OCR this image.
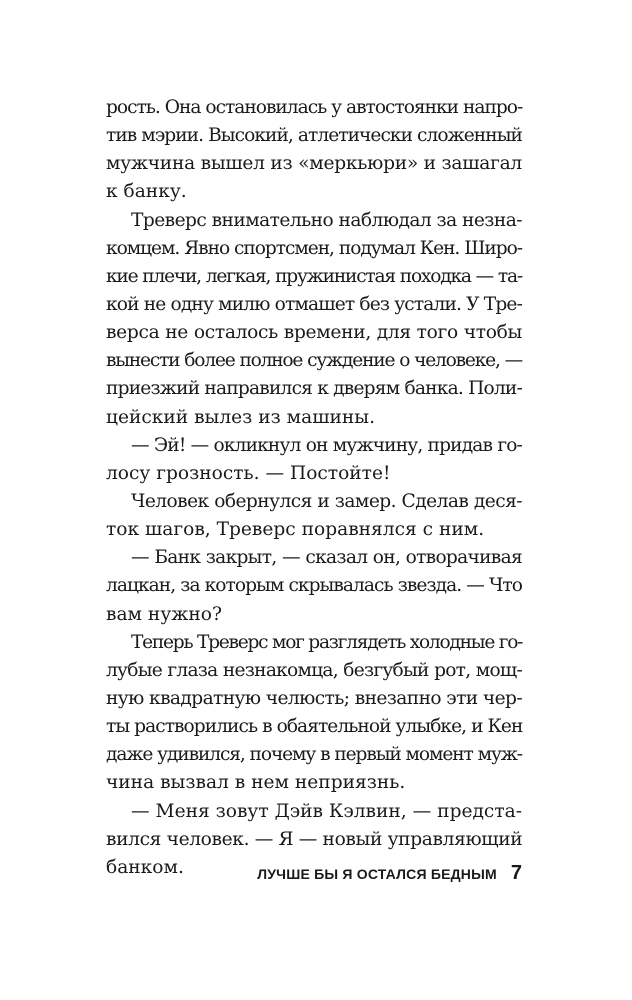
рость. Она остановилась у автостоянки напро-
тив мэрии. Высокий, атлетически сложенный
мужчина вышел из «меркьюри» и зашагал
к банку.
Треверс внимательно наблюдал за незна-
комцем. Явно спортсмен, подумал Кен. Широ-
кие плечи, легкая, пружинистая походка — та-
кой не одну милю отмашет без устали. У Тре-
верса не осталось времени, для того чтобы
вынести более полное суждение о человеке, —
приезжий направился к дверям банка. Поли-
цейский вылез из машины.
— Эй! — окликнул он мужчину, придав го-
лосу грозность. — Постойте!
Человек обернулся и замер. Сделав деся-
ток шагов, Треверс поравнялся с ним.
— Банк закрыт, — сказал он, отворачивая
лацкан, за которым скрывалась звезда. — Что
вам нужно?
Теперь Треверс мог разглядеть холодные го-
лубые глаза незнакомца, безгубый рот, мощ-
ную квадратную челюсть; внезапно эти чер-
ты растворились в обаятельной улыбке, и Кен
даже удивился, почему в первый момент муж-
чина вызвал в нем неприязнь.
— Меня зовут Дэйв Кэлвин, — предста-
вился человек. — Я — новый управляющий
банком.	ЛУЧШЕ БЫ Я ОСТАЛСЯ БЕДНЫМ 7
